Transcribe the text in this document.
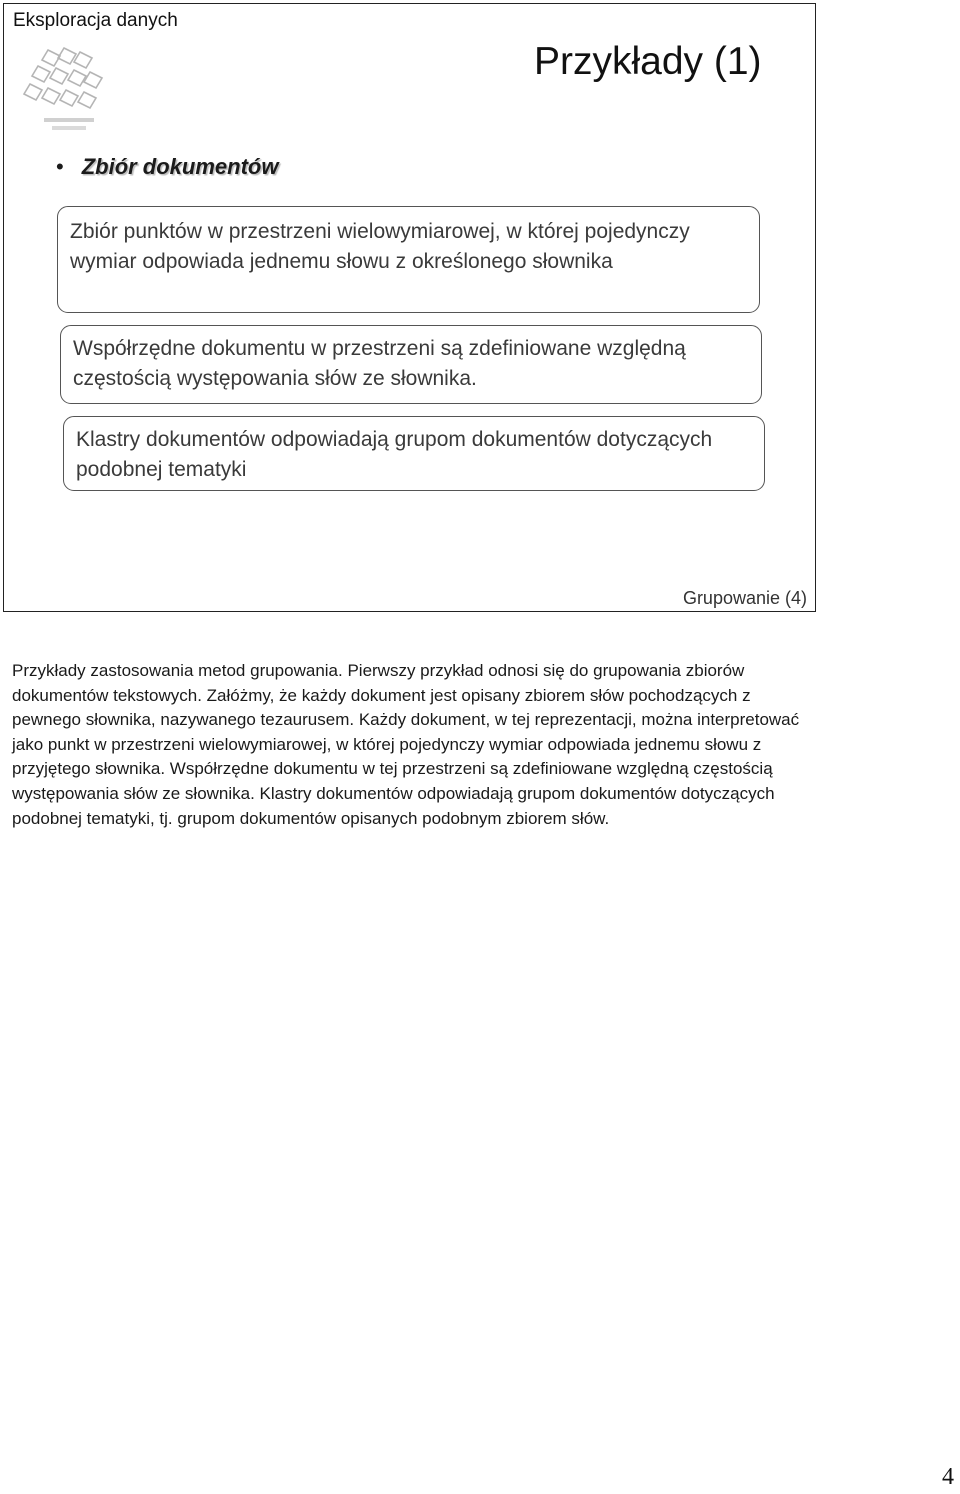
Eksploracja danych
Przykłady (1)
• Zbiór dokumentów
Zbiór punktów w przestrzeni wielowymiarowej, w której pojedynczy wymiar odpowiada jednemu słowu z określonego słownika
Współrzędne dokumentu w przestrzeni są zdefiniowane względną częstością występowania słów ze słownika.
Klastry dokumentów odpowiadają grupom dokumentów dotyczących podobnej tematyki
Grupowanie (4)

Przykłady zastosowania metod grupowania. Pierwszy przykład odnosi się do grupowania zbiorów dokumentów tekstowych. Załóżmy, że każdy dokument jest opisany zbiorem słów pochodzących z pewnego słownika, nazywanego tezaurusem. Każdy dokument, w tej reprezentacji, można interpretować jako punkt w przestrzeni wielowymiarowej, w której pojedynczy wymiar odpowiada jednemu słowu z przyjętego słownika. Współrzędne dokumentu w tej przestrzeni są zdefiniowane względną częstością występowania słów ze słownika. Klastry dokumentów odpowiadają grupom dokumentów dotyczących podobnej tematyki, tj. grupom dokumentów opisanych podobnym zbiorem słów.

4
